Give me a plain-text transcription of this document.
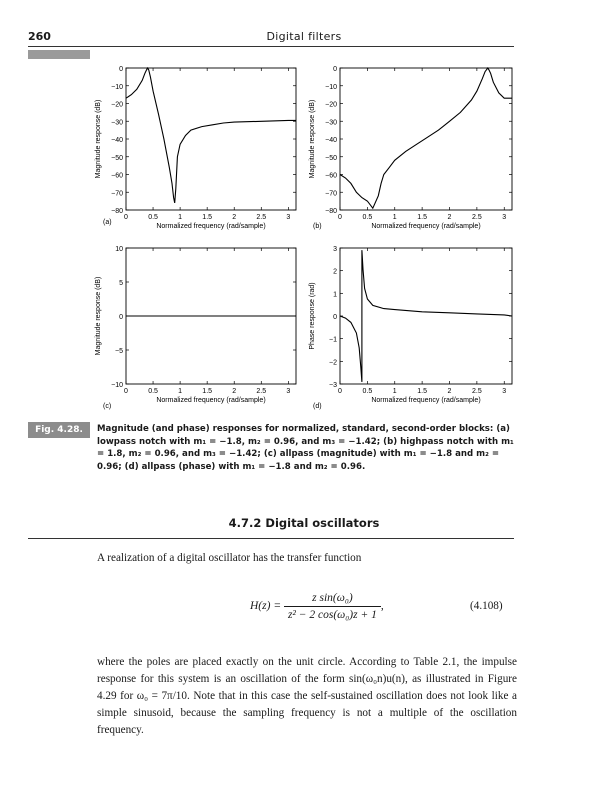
260	Digital filters
0
−10
−20
−30
−40
−50
−60
−70
−80
0	0.5	1	1.5	2	2.5	3
Normalized frequency (rad/sample)
Magnitude response (dB)
(a)
0
−10
−20
−30
−40
−50
−60
−70
−80
0	0.5	1	1.5	2	2.5	3
Normalized frequency (rad/sample)
Magnitude response (dB)
(b)
10
5
0
−5
−10
0	0.5	1	1.5	2	2.5	3
Normalized frequency (rad/sample)
Magnitude response (dB)
(c)
3
2
1
0
−1
−2
−3
0	0.5	1	1.5	2	2.5	3
Normalized frequency (rad/sample)
Phase response (rad)
(d)
Fig. 4.28.	Magnitude (and phase) responses for normalized, standard, second-order blocks: (a) lowpass notch with m₁ = −1.8, m₂ = 0.96, and m₃ = −1.42; (b) highpass notch with m₁ = 1.8, m₂ = 0.96, and m₃ = −1.42; (c) allpass (magnitude) with m₁ = −1.8 and m₂ = 0.96; (d) allpass (phase) with m₁ = −1.8 and m₂ = 0.96.
4.7.2 Digital oscillators
A realization of a digital oscillator has the transfer function
$H(z) = \frac{\text{z sin(ω₀)}}{\text{z² − 2 cos(ω₀)z + 1}}$ ,	(4.108)
where the poles are placed exactly on the unit circle. According to Table 2.1, the impulse response for this system is an oscillation of the form sin(ω₀n)u(n), as illustrated in Figure 4.29 for ω₀ = 7π/10. Note that in this case the self-sustained oscillation does not look like a simple sinusoid, because the sampling frequency is not a multiple of the oscillation frequency.
